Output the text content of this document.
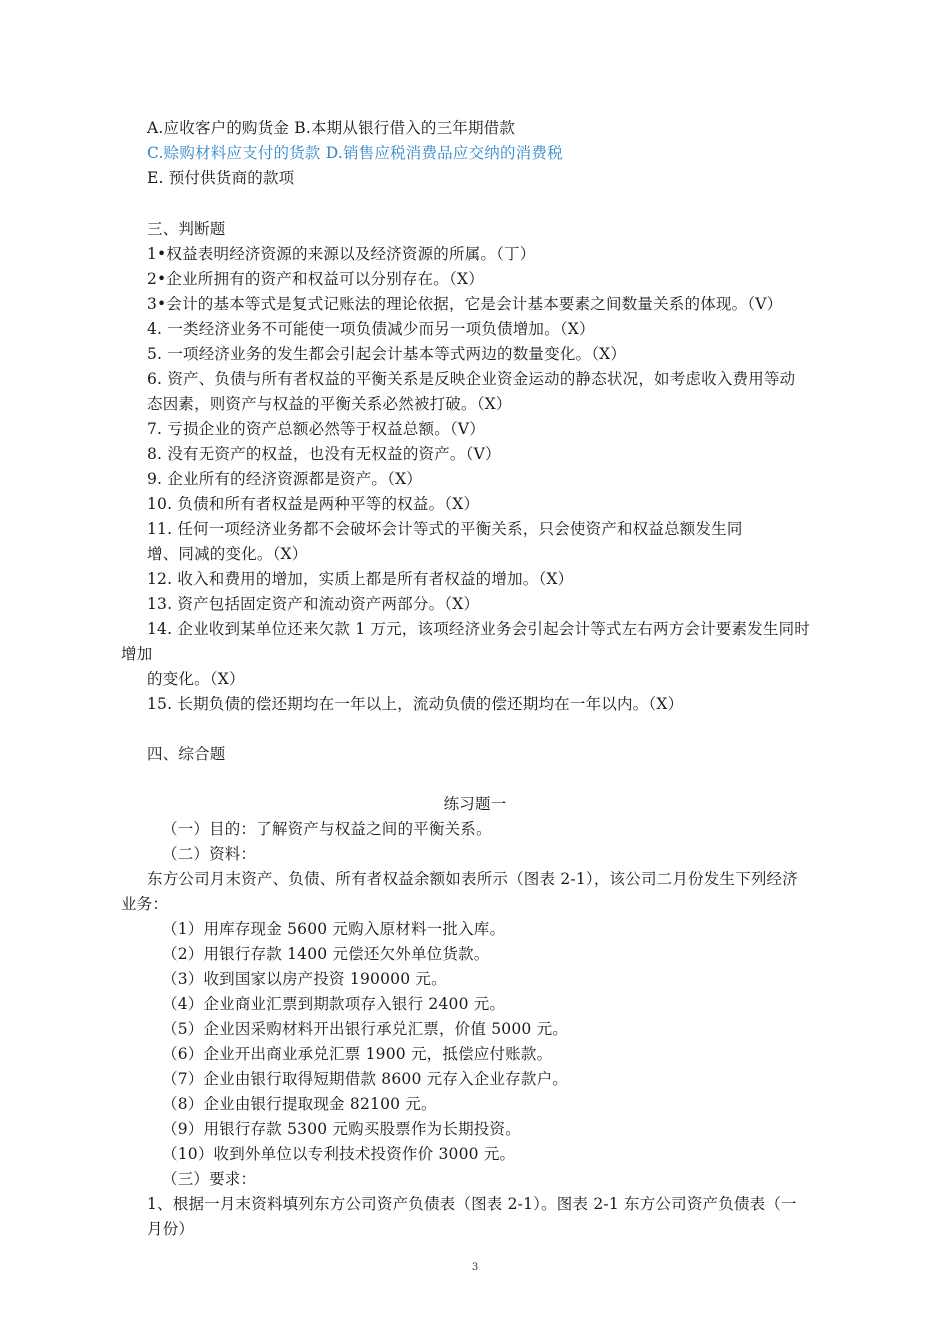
A.应收客户的购货金 B.本期从银行借入的三年期借款
C.赊购材料应支付的货款 D.销售应税消费品应交纳的消费税
E. 预付供货商的款项
三、判断题
1•权益表明经济资源的来源以及经济资源的所属。（丁）
2•企业所拥有的资产和权益可以分别存在。（X）
3•会计的基本等式是复式记账法的理论依据，它是会计基本要素之间数量关系的体现。（V）
4. 一类经济业务不可能使一项负债减少而另一项负债增加。（X）
5. 一项经济业务的发生都会引起会计基本等式两边的数量变化。（X）
6. 资产、负债与所有者权益的平衡关系是反映企业资金运动的静态状况，如考虑收入费用等动
态因素，则资产与权益的平衡关系必然被打破。（X）
7. 亏损企业的资产总额必然等于权益总额。（V）
8. 没有无资产的权益，也没有无权益的资产。（V）
9. 企业所有的经济资源都是资产。（X）
10. 负债和所有者权益是两种平等的权益。（X）
11. 任何一项经济业务都不会破坏会计等式的平衡关系，只会使资产和权益总额发生同
增、同减的变化。（X）
12. 收入和费用的增加，实质上都是所有者权益的增加。（X）
13. 资产包括固定资产和流动资产两部分。（X）
14. 企业收到某单位还来欠款 1 万元，该项经济业务会引起会计等式左右两方会计要素发生同时
增加
的变化。（X）
15. 长期负债的偿还期均在一年以上，流动负债的偿还期均在一年以内。（X）
四、综合题
练习题一
（一）目的：了解资产与权益之间的平衡关系。
（二）资料：
东方公司月末资产、负债、所有者权益余额如表所示（图表 2-1），该公司二月份发生下列经济
业务：
（1）用库存现金 5600 元购入原材料一批入库。
（2）用银行存款 1400 元偿还欠外单位货款。
（3）收到国家以房产投资 190000 元。
（4）企业商业汇票到期款项存入银行 2400 元。
（5）企业因采购材料开出银行承兑汇票，价值 5000 元。
（6）企业开出商业承兑汇票 1900 元，抵偿应付账款。
（7）企业由银行取得短期借款 8600 元存入企业存款户。
（8）企业由银行提取现金 82100 元。
（9）用银行存款 5300 元购买股票作为长期投资。
（10）收到外单位以专利技术投资作价 3000 元。
（三）要求：
1、根据一月末资料填列东方公司资产负债表（图表 2-1）。图表 2-1 东方公司资产负债表（一
月份）
3
